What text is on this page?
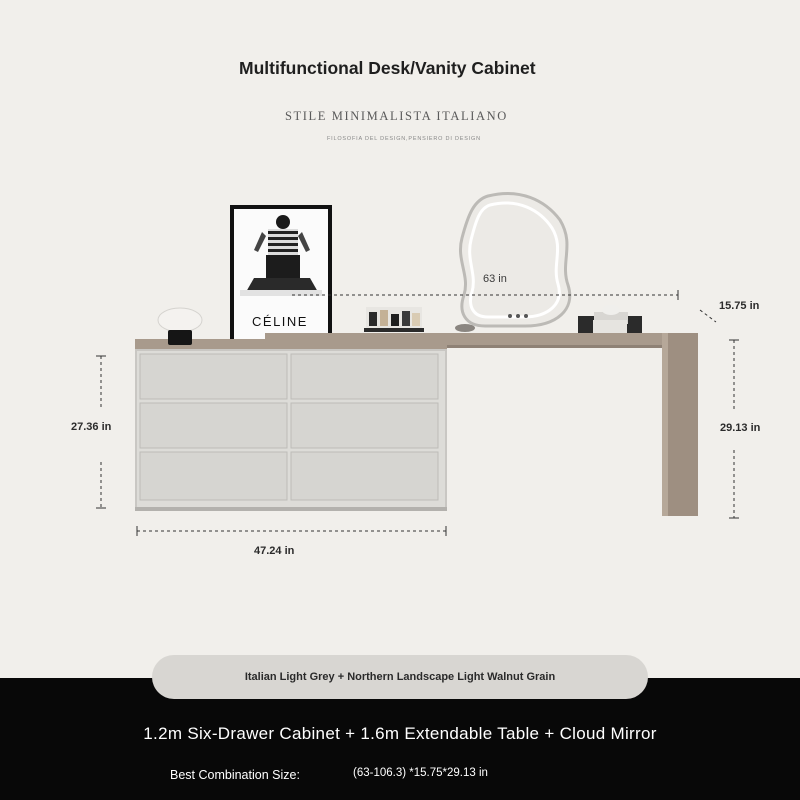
Multifunctional Desk/Vanity Cabinet
STILE MINIMALISTA ITALIANO
FILOSOFIA DEL DESIGN,PENSIERO DI DESIGN
CÉLINE
63 in
15.75 in
27.36 in	29.13 in
47.24 in
Italian Light Grey + Northern Landscape Light Walnut Grain
1.2m Six-Drawer Cabinet + 1.6m Extendable Table + Cloud Mirror
Best Combination Size:	(63-106.3) *15.75*29.13 in
